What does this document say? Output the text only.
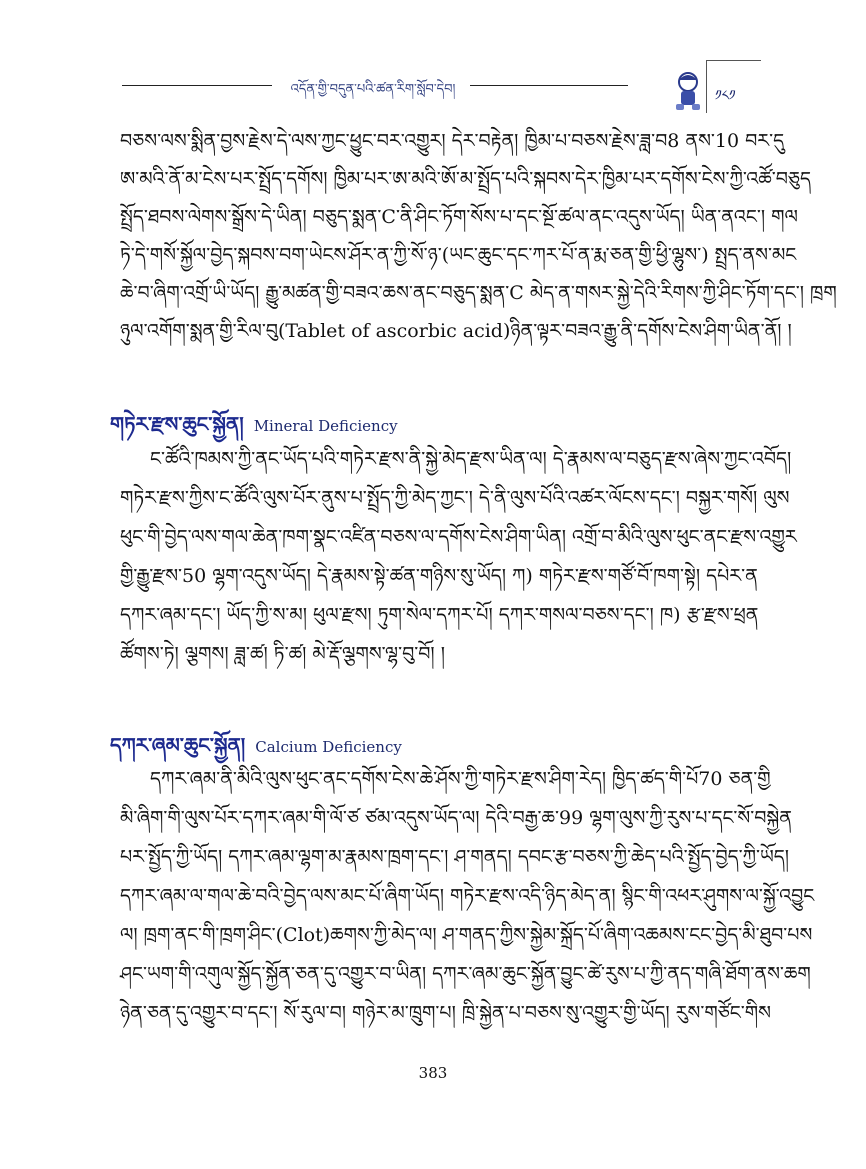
འདོན་གྱི་བདུན་པའི་ཚན་རིག་སློབ་དེབ།	༡༨༡
བཅས་ལས་སྨིན་བྱས་རྗེས་དེ་ལས་ཀྱང་ཕྱུང་བར་འགྱུར། དེར་བརྟེན། ཁྱིམ་པ་བཅས་རྗེས་ཟླ་བ8 ནས་10 བར་དུ
ཨ་མའི་ནོ་མ་ངེས་པར་སྤྲོད་དགོས། ཁྱིམ་པར་ཨ་མའི་ཨོ་མ་སྤྲོད་པའི་སྐབས་དེར་ཁྱིམ་པར་དགོས་ངེས་ཀྱི་འཚོ་བཅུད
སྤྲོད་ཐབས་ལེགས་སྒྲོས་དེ་ཡིན། བཅུད་སྨན་C་ནི་ཤིང་ཏོག་སོས་པ་དང་སྔོ་ཚལ་ནང་འདུས་ཡོད། ཡིན་ནའང་། གལ
ཏེ་དེ་གསོ་སྐྱོལ་བྱེད་སྐབས་བག་ཡེངས་ཤོར་ན་ཀྱི་སོ་ཉ་(ཡང་ཆུང་དང་ཀར་པོ་ན་རྨ་ཅན་གྱི་ཕྱི་ལྷུས་) སྤྲད་ནས་མང
ཆེ་བ་ཞིག་འགྲོ་ཡི་ཡོད། རྒྱུ་མཚན་གྱི་བཟའ་ཆས་ནང་བཅུད་སྨན་C མེད་ན་གསར་སྐྱེ་དེའི་རིགས་ཀྱི་ཤིང་ཏོག་དང་། ཁྲག
ཉུལ་འགོག་སྨན་གྱི་རིལ་བུ(Tablet of ascorbic acid)ཉིན་ལྟར་བཟའ་རྒྱུ་ནི་དགོས་ངེས་ཤིག་ཡིན་ནོ། །
གཏེར་རྫས་ཆུང་སྐྱོན། Mineral Deficiency
ང་ཚོའི་ཁམས་ཀྱི་ནང་ཡོད་པའི་གཏེར་རྫས་ནི་སྐྱེ་མེད་རྫས་ཡིན་ལ། དེ་རྣམས་ལ་བཅུད་རྫས་ཞེས་ཀྱང་འབོད།
གཏེར་རྫས་ཀྱིས་ང་ཚོའི་ལུས་པོར་ནུས་པ་སྤྲོད་ཀྱི་མེད་ཀྱང་། དེ་ནི་ལུས་པོའི་འཚར་ལོངས་དང་། བསྐྱར་གསོ། ལུས
ཕུང་གི་བྱེད་ལས་གལ་ཆེན་ཁག་སྣང་འཛིན་བཅས་ལ་དགོས་ངེས་ཤིག་ཡིན། འགྲོ་བ་མིའི་ལུས་ཕུང་ནང་རྫས་འགྱུར
གྱི་རྒྱུ་རྫས་50 ལྷག་འདུས་ཡོད། དེ་རྣམས་སྟེ་ཚན་གཉིས་སུ་ཡོད། ཀ) གཏེར་རྫས་གཙོ་བོ་ཁག་སྟེ། དཔེར་ན
དཀར་ཞམ་དང་། ཡོད་ཀྱི་ས་མ། ཕུལ་རྫས། ཏུག་སེལ་དཀར་པོ། དཀར་གསལ་བཅས་དང་། ཁ) རྩ་རྫས་ཕྲན
ཚོགས་ཏེ། ལྕགས། ཟླ་ཚ། ཏི་ཚ། མེ་རྡོ་ལྕགས་ལྷ་བུ་བོ། །
དཀར་ཞམ་ཆུང་སྐྱོན། Calcium Deficiency
དཀར་ཞམ་ནི་མིའི་ལུས་ཕུང་ནང་དགོས་ངེས་ཆེ་ཤོས་ཀྱི་གཏེར་རྫས་ཤིག་རེད། ཁྱིད་ཚད་གི་པོ70 ཅན་གྱི
མི་ཞིག་གི་ལུས་པོར་དཀར་ཞམ་གི་ལོ་ཙ ཙམ་འདུས་ཡོད་ལ། དེའི་བརྒྱ་ཆ་99 ལྷག་ལུས་ཀྱི་རུས་པ་དང་སོ་བསྐྱེན
པར་སྤྱོད་ཀྱི་ཡོད། དཀར་ཞམ་ལྷག་མ་རྣམས་ཁྲག་དང་། ཤ་གནད། དབང་རྩ་བཅས་ཀྱི་ཆེད་པའི་སྤྱོད་བྱེད་ཀྱི་ཡོད།
དཀར་ཞམ་ལ་གལ་ཆེ་བའི་བྱེད་ལས་མང་པོ་ཞིག་ཡོད། གཏེར་རྫས་འདི་ཉིད་མེད་ན། སྙིང་གི་འཕར་ཤུགས་ལ་སྐྱོ་འབྱུང
ལ། ཁྲག་ནང་གི་ཁྲག་ཤིང་(Clot)ཆགས་ཀྱི་མེད་ལ། ཤ་གནད་ཀྱིས་སྐྱེམ་སྐྲོད་པོ་ཞིག་འཆམས་ངང་བྱེད་མི་ཐུབ་པས
ཤང་ཡག་གི་འགུལ་སྐྱོད་སྐྱོན་ཅན་དུ་འགྱུར་བ་ཡིན། དཀར་ཞམ་ཆུང་སྐྱོན་བྱུང་ཚེ་རུས་པ་ཀྱི་ནད་གཞི་ཐོག་ནས་ཆག
ཉེན་ཅན་དུ་འགྱུར་བ་དང་། སོ་རུལ་བ། གཉེར་མ་ཁྲུག་པ། ཁྲི་སྐྱེན་པ་བཅས་སུ་འགྱུར་གྱི་ཡོད། རུས་གཙོང་གིས
383
